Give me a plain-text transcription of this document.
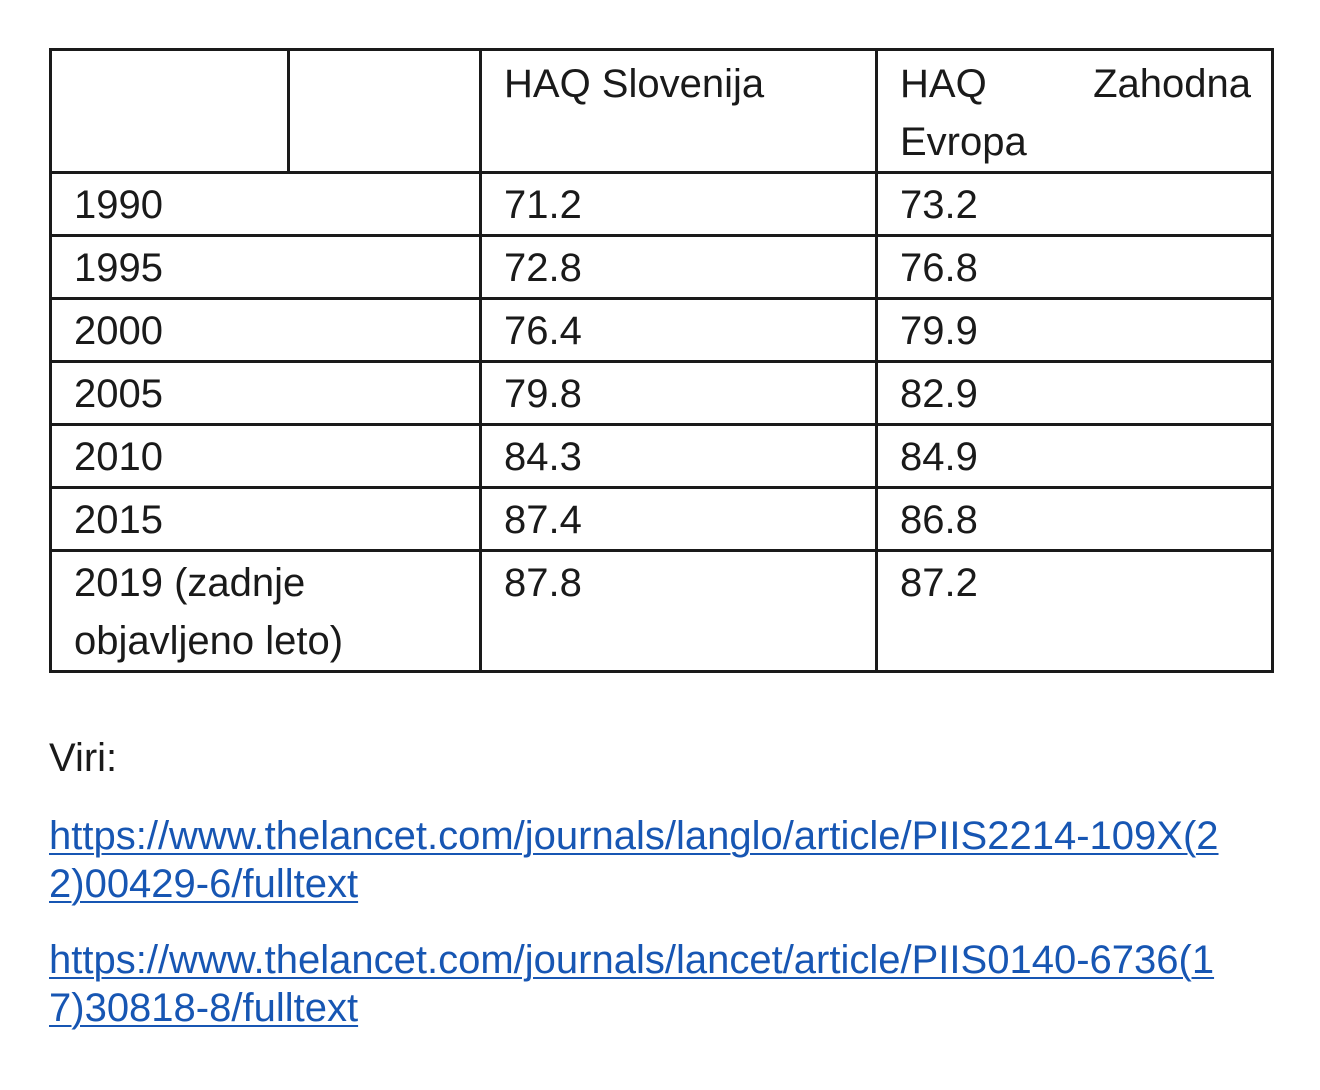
		HAQ Slovenija	HAQ Zahodna Evropa
1990		71.2	73.2
1995		72.8	76.8
2000		76.4	79.9
2005		79.8	82.9
2010		84.3	84.9
2015		87.4	86.8
2019 (zadnje objavljeno leto)		87.8	87.2
Viri:
https://www.thelancet.com/journals/langlo/article/PIIS2214-109X(22)00429-6/fulltext
https://www.thelancet.com/journals/lancet/article/PIIS0140-6736(17)30818-8/fulltext
